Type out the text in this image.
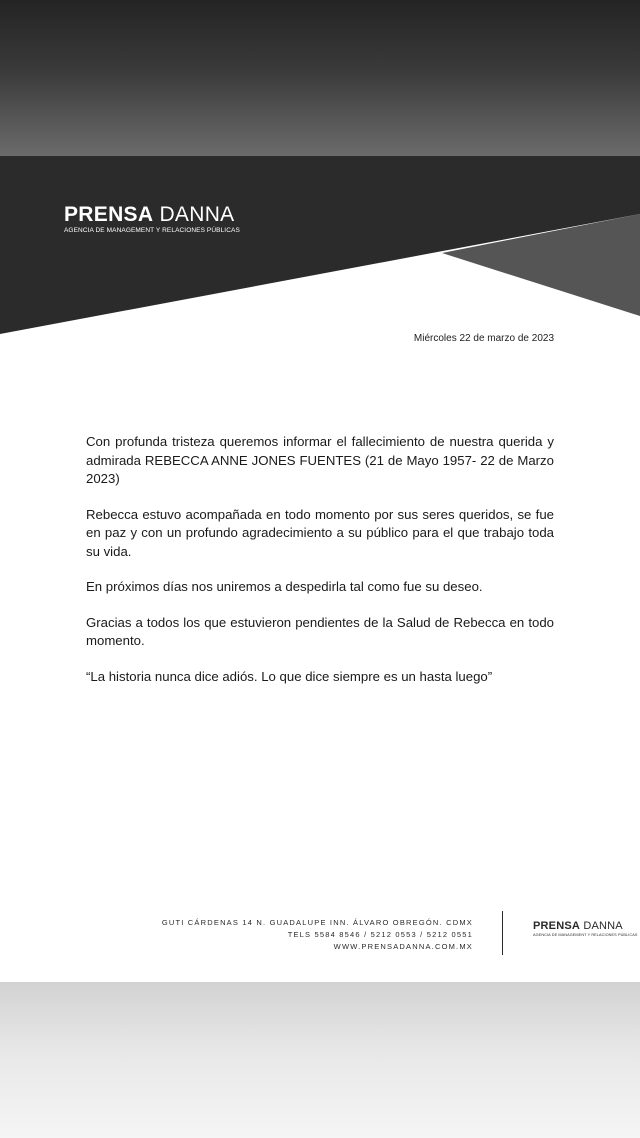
PRENSA DANNA
AGENCIA DE MANAGEMENT Y RELACIONES PÚBLICAS
Miércoles 22 de marzo de 2023

Con profunda tristeza queremos informar el fallecimiento de nuestra querida y admirada REBECCA ANNE JONES FUENTES (21 de Mayo 1957- 22 de Marzo 2023)

Rebecca estuvo acompañada en todo momento por sus seres queridos, se fue en paz y con un profundo agradecimiento a su público para el que trabajo toda su vida.

En próximos días nos uniremos a despedirla tal como fue su deseo.

Gracias a todos los que estuvieron pendientes de la Salud de Rebecca en todo momento.

“La historia nunca dice adiós. Lo que dice siempre es un hasta luego”

GUTI CÁRDENAS 14 N. GUADALUPE INN. ÁLVARO OBREGÓN. CDMX
TELS 5584 8546 / 5212 0553 / 5212 0551
WWW.PRENSADANNA.COM.MX
PRENSA DANNA
AGENCIA DE MANAGEMENT Y RELACIONES PÚBLICAS
